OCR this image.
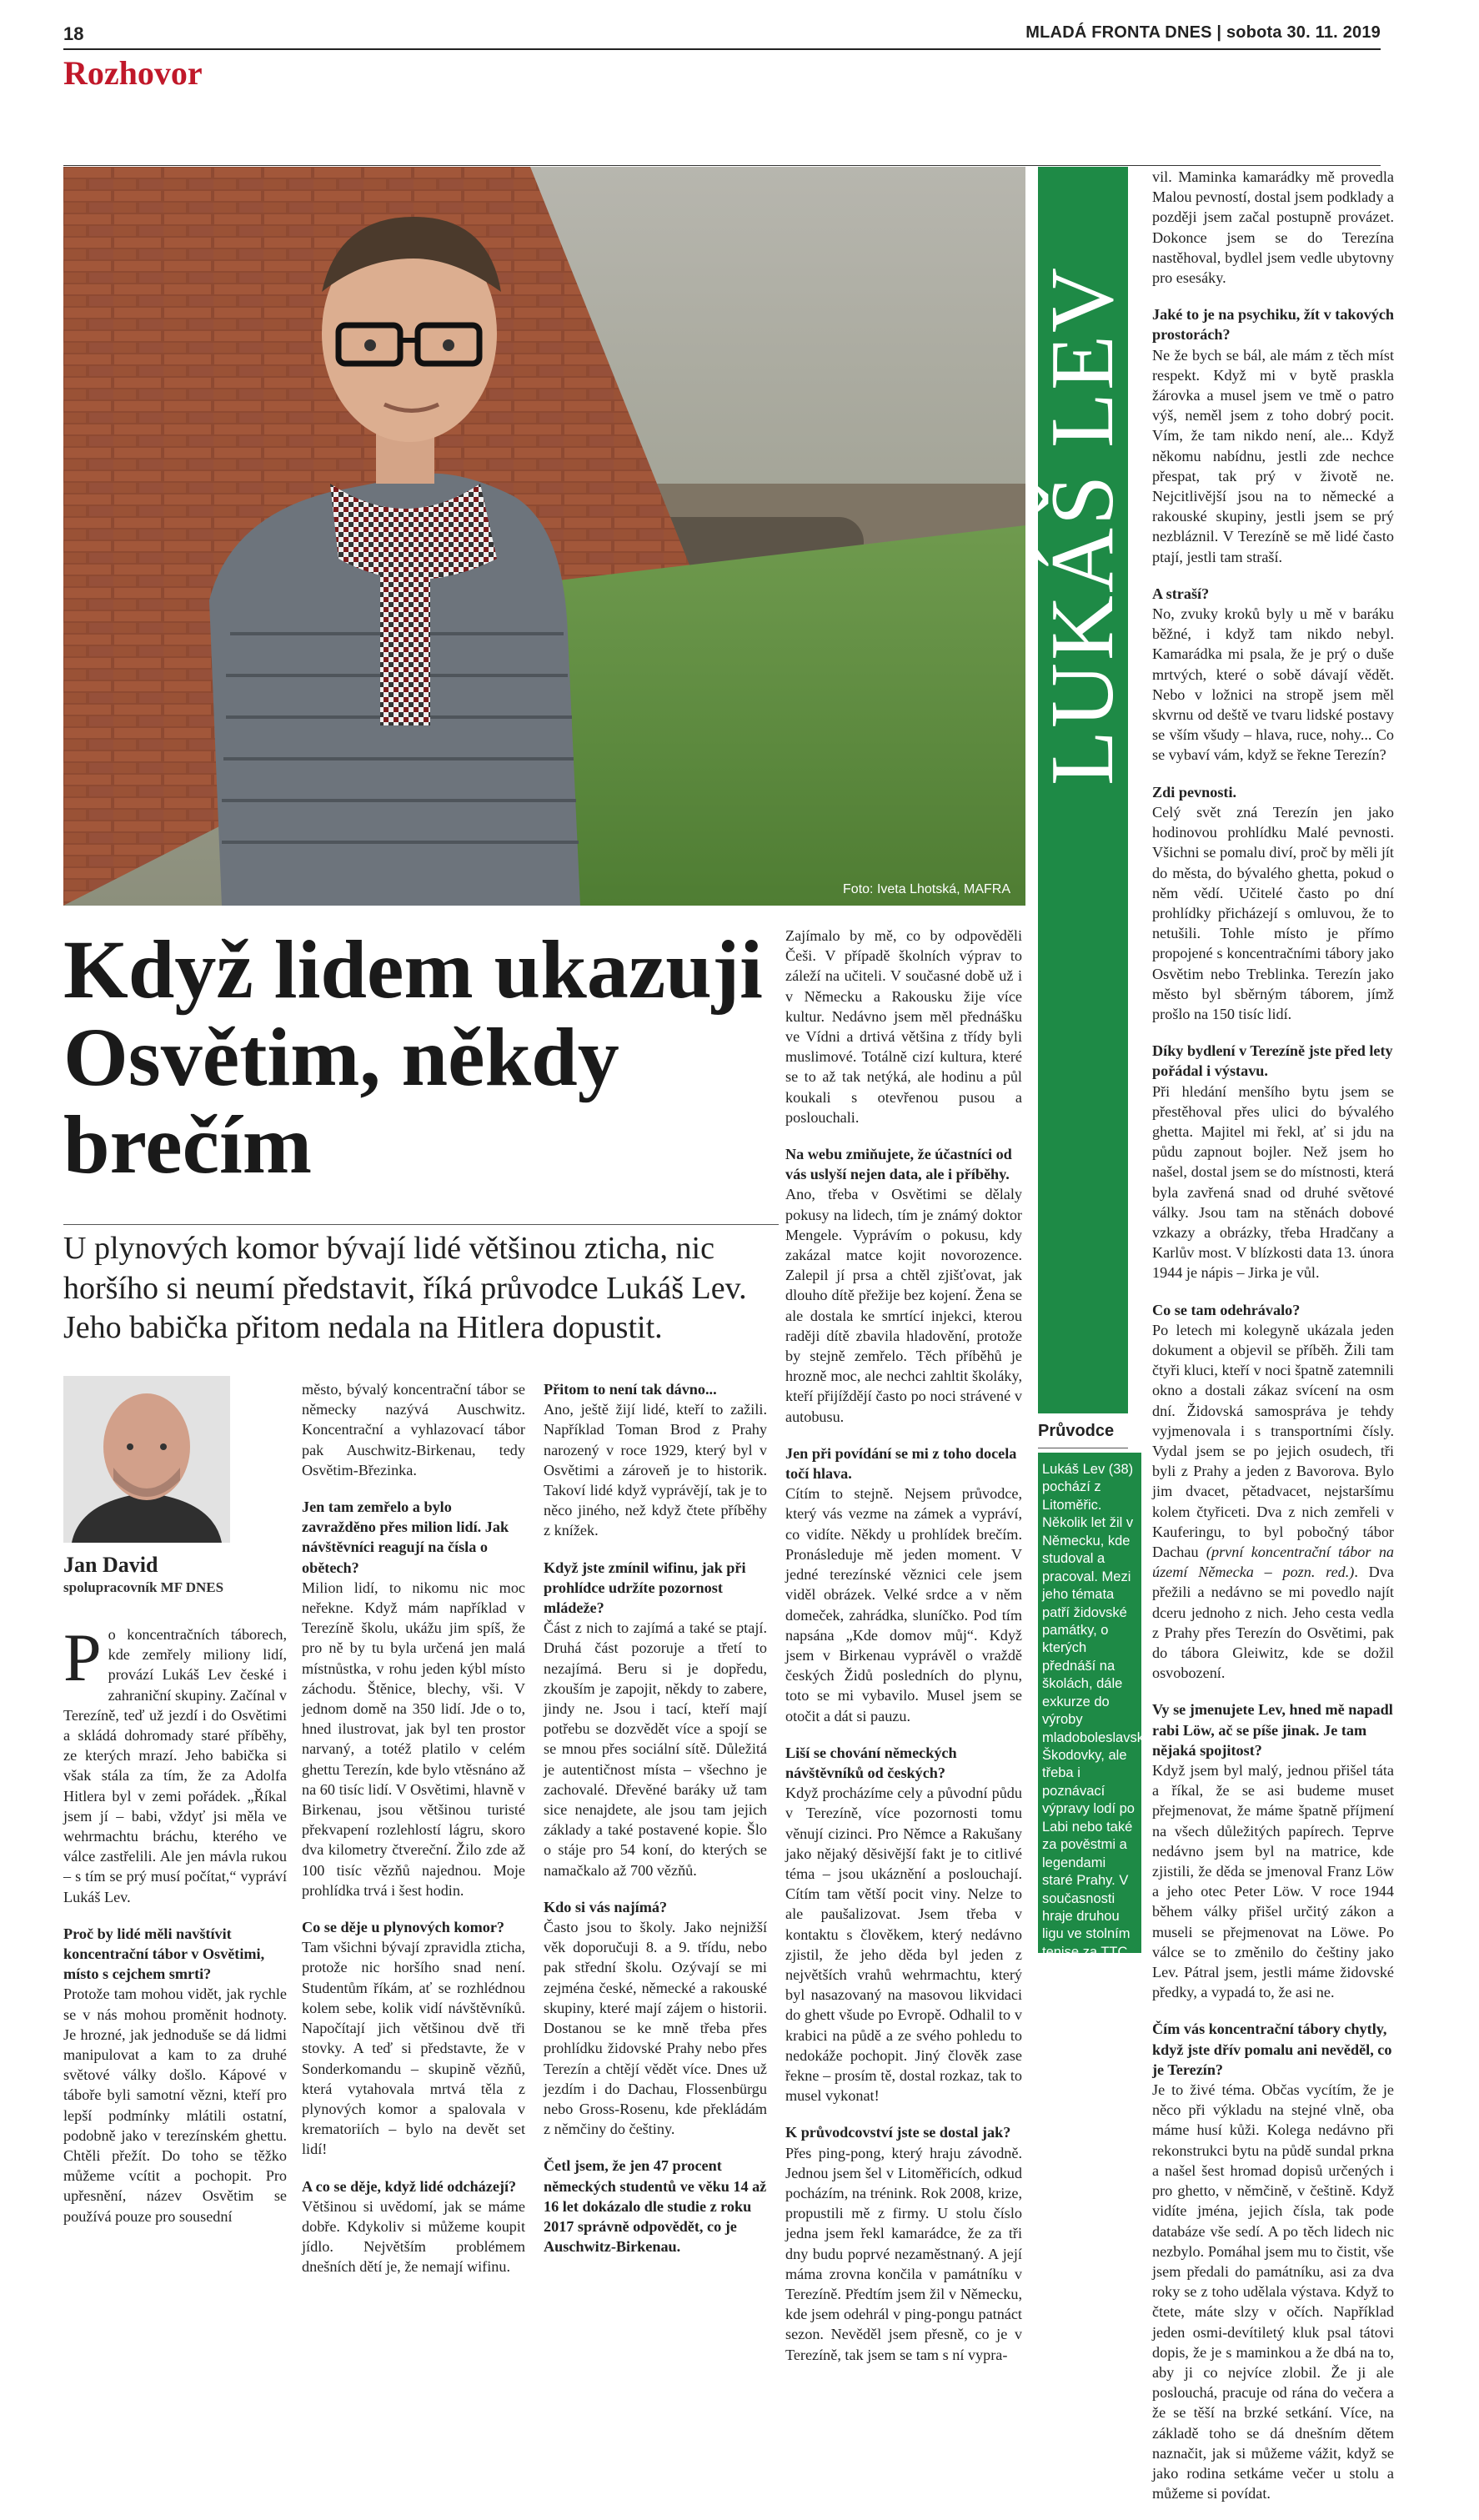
18	MLADÁ FRONTA DNES | sobota 30. 11. 2019
Rozhovor
Foto: Iveta Lhotská, MAFRA
LUKÁŠ LEV
Když lidem ukazuji Osvětim, někdy brečím
U plynových komor bývají lidé většinou zticha, nic horšího si neumí představit, říká průvodce Lukáš Lev. Jeho babička přitom nedala na Hitlera dopustit.
Jan David
spolupracovník MF DNES

Po koncentračních táborech, kde zemřely miliony lidí, provází Lukáš Lev české i zahraniční skupiny. Začínal v Terezíně, teď už jezdí i do Osvětimi a skládá dohromady staré příběhy, ze kterých mrazí. Jeho babička si však stála za tím, že za Adolfa Hitlera byl v zemi pořádek. „Říkal jsem jí – babi, vždyť jsi měla ve wehrmachtu bráchu, kterého ve válce zastřelili. Ale jen mávla rukou – s tím se prý musí počítat,“ vypráví Lukáš Lev.

Proč by lidé měli navštívit koncentrační tábor v Osvětimi, místo s cejchem smrti?

Protože tam mohou vidět, jak rychle se v nás mohou proměnit hodnoty. Je hrozné, jak jednoduše se dá lidmi manipulovat a kam to za druhé světové války došlo. Kápové v táboře byli samotní vězni, kteří pro lepší podmínky mlátili ostatní, podobně jako v terezínském ghettu. Chtěli přežít. Do toho se těžko můžeme vcítit a pochopit. Pro upřesnění, název Osvětim se používá pouze pro sousední

město, bývalý koncentrační tábor se německy nazývá Auschwitz. Koncentrační a vyhlazovací tábor pak Auschwitz-Birkenau, tedy Osvětim-Březinka.

Jen tam zemřelo a bylo zavražděno přes milion lidí. Jak návštěvníci reagují na čísla o obětech?

Milion lidí, to nikomu nic moc neřekne. Když mám například v Terezíně školu, ukážu jim spíš, že pro ně by tu byla určená jen malá místnůstka, v rohu jeden kýbl místo záchodu. Štěnice, blechy, vši. V jednom domě na 350 lidí. Jde o to, hned ilustrovat, jak byl ten prostor narvaný, a totéž platilo v celém ghettu Terezín, kde bylo vtěsnáno až na 60 tisíc lidí. V Osvětimi, hlavně v Birkenau, jsou většinou turisté překvapení rozlehlostí lágru, skoro dva kilometry čtvereční. Žilo zde až 100 tisíc vězňů najednou. Moje prohlídka trvá i šest hodin.

Co se děje u plynových komor?

Tam všichni bývají zpravidla zticha, protože nic horšího snad není. Studentům říkám, ať se rozhlédnou kolem sebe, kolik vidí návštěvníků. Napočítají jich většinou dvě tři stovky. A teď si představte, že v Sonderkomandu – skupině vězňů, která vytahovala mrtvá těla z plynových komor a spalovala v krematoriích – bylo na devět set lidí!

A co se děje, když lidé odcházejí?

Většinou si uvědomí, jak se máme dobře. Kdykoliv si můžeme koupit jídlo. Největším problémem dnešních dětí je, že nemají wifinu.

Přitom to není tak dávno...

Ano, ještě žijí lidé, kteří to zažili. Například Toman Brod z Prahy narozený v roce 1929, který byl v Osvětimi a zároveň je to historik. Takoví lidé když vyprávějí, tak je to něco jiného, než když čtete příběhy z knížek.

Když jste zmínil wifinu, jak při prohlídce udržíte pozornost mládeže?

Část z nich to zajímá a také se ptají. Druhá část pozoruje a třetí to nezajímá. Beru si je dopředu, zkouším je zapojit, někdy to zabere, jindy ne. Jsou i tací, kteří mají potřebu se dozvědět více a spojí se se mnou přes sociální sítě. Důležitá je autentičnost místa – všechno je zachovalé. Dřevěné baráky už tam sice nenajdete, ale jsou tam jejich základy a také postavené kopie. Šlo o stáje pro 54 koní, do kterých se namačkalo až 700 vězňů.

Kdo si vás najímá?

Často jsou to školy. Jako nejnižší věk doporučuji 8. a 9. třídu, nebo pak střední školu. Ozývají se mi zejména české, německé a rakouské skupiny, které mají zájem o historii. Dostanou se ke mně třeba přes prohlídku židovské Prahy nebo přes Terezín a chtějí vědět více. Dnes už jezdím i do Dachau, Flossenbürgu nebo Gross-Rosenu, kde překládám z němčiny do češtiny.

Četl jsem, že jen 47 procent německých studentů ve věku 14 až 16 let dokázalo dle studie z roku 2017 správně odpovědět, co je Auschwitz-Birkenau.

Zajímalo by mě, co by odpověděli Češi. V případě školních výprav to záleží na učiteli. V současné době už i v Německu a Rakousku žije více kultur. Nedávno jsem měl přednášku ve Vídni a drtivá většina z třídy byli muslimové. Totálně cizí kultura, které se to až tak netýká, ale hodinu a půl koukali s otevřenou pusou a poslouchali.

Na webu zmiňujete, že účastníci od vás uslyší nejen data, ale i příběhy.

Ano, třeba v Osvětimi se dělaly pokusy na lidech, tím je známý doktor Mengele. Vyprávím o pokusu, kdy zakázal matce kojit novorozence. Zalepil jí prsa a chtěl zjišťovat, jak dlouho dítě přežije bez kojení. Žena se ale dostala ke smrtící injekci, kterou raději dítě zbavila hladovění, protože by stejně zemřelo. Těch příběhů je hrozně moc, ale nechci zahltit školáky, kteří přijíždějí často po noci strávené v autobusu.

Jen při povídání se mi z toho docela točí hlava.

Cítím to stejně. Nejsem průvodce, který vás vezme na zámek a vypráví, co vidíte. Někdy u prohlídek brečím. Pronásleduje mě jeden moment. V jedné terezínské věznici cele jsem viděl obrázek. Velké srdce a v něm domeček, zahrádka, sluníčko. Pod tím napsána „Kde domov můj“. Když jsem v Birkenau vyprávěl o vraždě českých Židů posledních do plynu, toto se mi vybavilo. Musel jsem se otočit a dát si pauzu.

Liší se chování německých návštěvníků od českých?

Když procházíme cely a původní půdu v Terezíně, více pozornosti tomu věnují cizinci. Pro Němce a Rakušany jako nějaký děsivější fakt je to citlivé téma – jsou ukáznění a poslouchají. Cítím tam větší pocit viny. Nelze to ale paušalizovat. Jsem třeba v kontaktu s člověkem, který nedávno zjistil, že jeho děda byl jeden z největších vrahů wehrmachtu, který byl nasazovaný na masovou likvidaci do ghett všude po Evropě. Odhalil to v krabici na půdě a ze svého pohledu to nedokáže pochopit. Jiný člověk zase řekne – prosím tě, dostal rozkaz, tak to musel vykonat!

K průvodcovství jste se dostal jak?

Přes ping-pong, který hraju závodně. Jednou jsem šel v Litoměřicích, odkud pocházím, na trénink. Rok 2008, krize, propustili mě z firmy. U stolu číslo jedna jsem řekl kamarádce, že za tři dny budu poprvé nezaměstnaný. A její máma zrovna končila v památníku v Terezíně. Předtím jsem žil v Německu, kde jsem odehrál v ping-pongu patnáct sezon. Nevěděl jsem přesně, co je v Terezíně, tak jsem se tam s ní vypra-

vil. Maminka kamarádky mě provedla Malou pevností, dostal jsem podklady a později jsem začal postupně provázet. Dokonce jsem se do Terezína nastěhoval, bydlel jsem vedle ubytovny pro esesáky.

Jaké to je na psychiku, žít v takových prostorách?

Ne že bych se bál, ale mám z těch míst respekt. Když mi v bytě praskla žárovka a musel jsem ve tmě o patro výš, neměl jsem z toho dobrý pocit. Vím, že tam nikdo není, ale... Když někomu nabídnu, jestli zde nechce přespat, tak prý v životě ne. Nejcitlivější jsou na to německé a rakouské skupiny, jestli jsem se prý nezbláznil. V Terezíně se mě lidé často ptají, jestli tam straší.

A straší?

No, zvuky kroků byly u mě v baráku běžné, i když tam nikdo nebyl. Kamarádka mi psala, že je prý o duše mrtvých, které o sobě dávají vědět. Nebo v ložnici na stropě jsem měl skvrnu od deště ve tvaru lidské postavy se vším všudy – hlava, ruce, nohy... Co se vybaví vám, když se řekne Terezín?

Zdi pevnosti.

Celý svět zná Terezín jen jako hodinovou prohlídku Malé pevnosti. Všichni se pomalu diví, proč by měli jít do města, do bývalého ghetta, pokud o něm vědí. Učitelé často po dní prohlídky přicházejí s omluvou, že to netušili. Tohle místo je přímo propojené s koncentračními tábory jako Osvětim nebo Treblinka. Terezín jako město byl sběrným táborem, jímž prošlo na 150 tisíc lidí.

Díky bydlení v Terezíně jste před lety pořádal i výstavu.

Při hledání menšího bytu jsem se přestěhoval přes ulici do bývalého ghetta. Majitel mi řekl, ať si jdu na půdu zapnout bojler. Než jsem ho našel, dostal jsem se do místnosti, která byla zavřená snad od druhé světové války. Jsou tam na stěnách dobové vzkazy a obrázky, třeba Hradčany a Karlův most. V blízkosti data 13. února 1944 je nápis – Jirka je vůl.

Co se tam odehrávalo?

Po letech mi kolegyně ukázala jeden dokument a objevil se příběh. Žili tam čtyři kluci, kteří v noci špatně zatemnili okno a dostali zákaz svícení na osm dní. Židovská samospráva je tehdy vyjmenovala i s transportními čísly. Vydal jsem se po jejich osudech, tři byli z Prahy a jeden z Bavorova. Bylo jim dvacet, pětadvacet, nejstaršímu kolem čtyřiceti. Dva z nich zemřeli v Kauferingu, to byl pobočný tábor Dachau (první koncentrační tábor na území Německa – pozn. red.). Dva přežili a nedávno se mi povedlo najít dceru jednoho z nich. Jeho cesta vedla z Prahy přes Terezín do Osvětimi, pak do tábora Gleiwitz, kde se dožil osvobození.

Vy se jmenujete Lev, hned mě napadl rabi Löw, ač se píše jinak. Je tam nějaká spojitost?

Když jsem byl malý, jednou přišel táta a říkal, že se asi budeme muset přejmenovat, že máme špatně příjmení na všech důležitých papírech. Teprve nedávno jsem byl na matrice, kde zjistili, že děda se jmenoval Franz Löw a jeho otec Peter Löw. V roce 1944 během války přišel určitý zákon a museli se přejmenovat na Löwe. Po válce se to změnilo do češtiny jako Lev. Pátral jsem, jestli máme židovské předky, a vypadá to, že asi ne.

Čím vás koncentrační tábory chytly, když jste dřív pomalu ani nevěděl, co je Terezín?

Je to živé téma. Občas vycítím, že je něco při výkladu na stejné vlně, oba máme husí kůži. Kolega nedávno při rekonstrukci bytu na půdě sundal prkna a našel šest hromad dopisů určených i pro ghetto, v němčině, v češtině. Když vidíte jména, jejich čísla, tak pode databáze vše sedí. A po těch lidech nic nezbylo. Pomáhal jsem mu to čistit, vše jsem předali do památníku, asi za dva roky se z toho udělala výstava. Když to čtete, máte slzy v očích. Například jeden osmi-devítiletý kluk psal tátovi dopis, že je s maminkou a že dbá na to, aby ji co nejvíce zlobil. Že ji ale poslouchá, pracuje od rána do večera a že se těší na brzké setkání. Více, na základě toho se dá dnešním dětem naznačit, jak si můžeme vážit, když se jako rodina setkáme večer u stolu a můžeme si povídat.

Průvodce
Lukáš Lev (38) pochází z Litoměřic. Několik let žil v Německu, kde studoval a pracoval. Mezi jeho témata patří židovské památky, o kterých přednáší na školách, dále exkurze do výroby mladoboleslavské Škodovky, ale třeba i poznávací výpravy lodí po Labi nebo také za pověstmi a legendami staré Prahy. V současnosti hraje druhou ligu ve stolním tenise za TTC Litoměřice. Ve volném čase pořádá přednášky, konference a autorská čtení ve spolupráci s Vysokou školou aplikované psychologie a Klubem vojenské historie v Terezíně.
